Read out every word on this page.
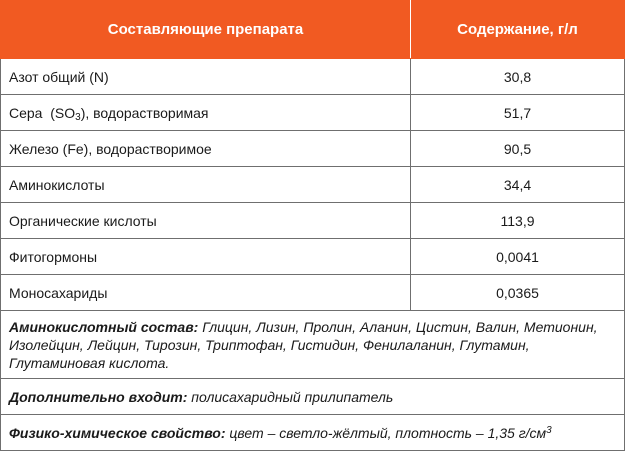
Составляющие препарата	Содержание, г/л
Азот общий (N)	30,8
Сера  $(SO_3)$, водорастворимая	51,7
Железо (Fe), водорастворимое	90,5
Аминокислоты	34,4
Органические кислоты	113,9
Фитогормоны	0,0041
Моносахариды	0,0365
Аминокислотный состав: Глицин, Лизин, Пролин, Аланин, Цистин, Валин, Метионин, Изолейцин, Лейцин, Тирозин, Триптофан, Гистидин, Фенилаланин, Глутамин, Глутаминовая кислота.	
Дополнительно входит: полисахаридный прилипатель	
Физико-химическое свойство: цвет – светло-жёлтый, плотность – 1,35 $г/см^3$
